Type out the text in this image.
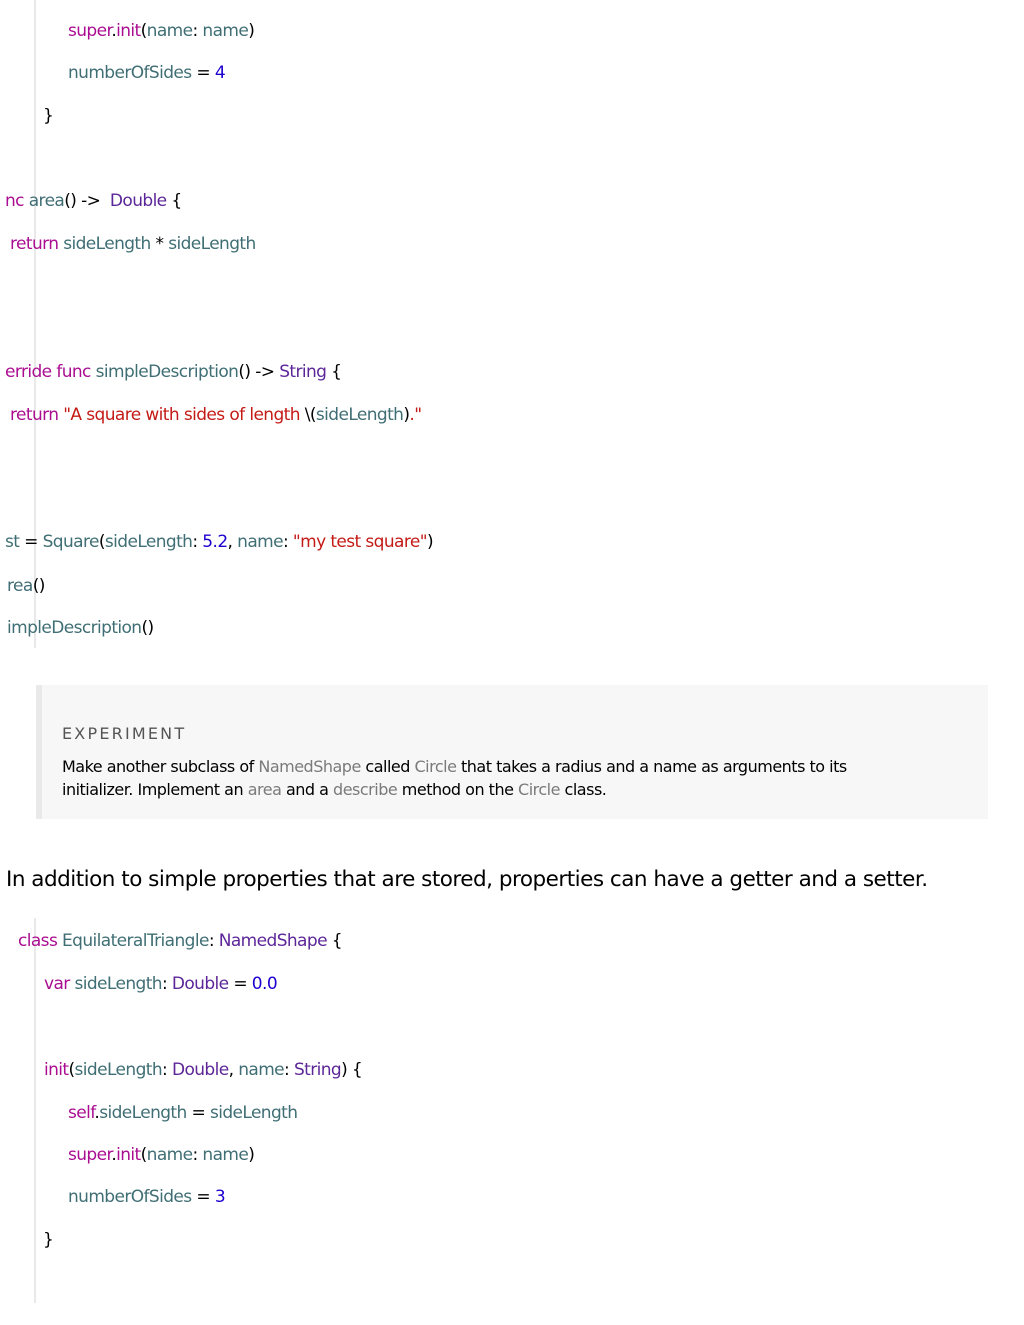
super.init(name: name)
numberOfSides = 4
}
nc area() ->  Double {
return sideLength * sideLength
erride func simpleDescription() -> String {
return "A square with sides of length \(sideLength)."
st = Square(sideLength: 5.2, name: "my test square")
rea()
impleDescription()
EXPERIMENT
Make another subclass of NamedShape called Circle that takes a radius and a name as arguments to its
initializer. Implement an area and a describe method on the Circle class.
In addition to simple properties that are stored, properties can have a getter and a setter.
class EquilateralTriangle: NamedShape {
var sideLength: Double = 0.0
init(sideLength: Double, name: String) {
self.sideLength = sideLength
super.init(name: name)
numberOfSides = 3
}
